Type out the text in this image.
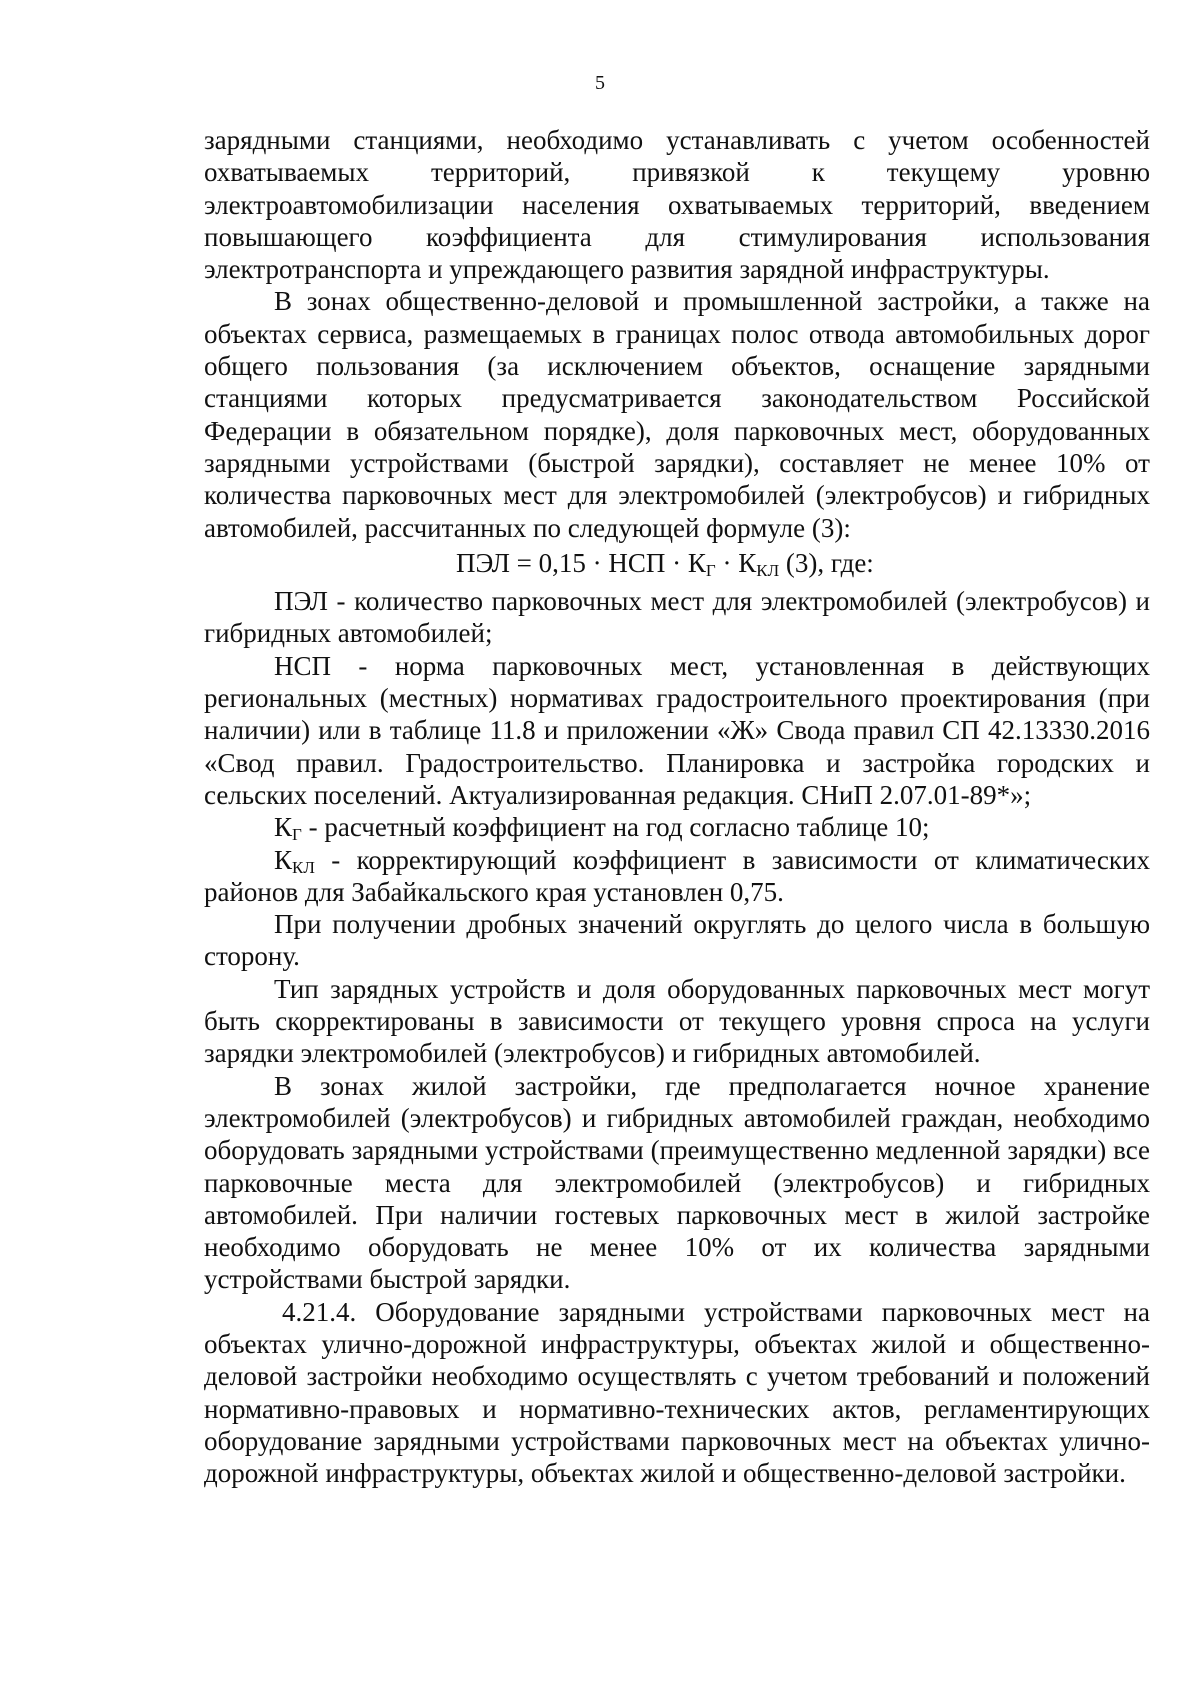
5

зарядными станциями, необходимо устанавливать с учетом особенностей охватываемых территорий, привязкой к текущему уровню электроавтомобилизации населения охватываемых территорий, введением повышающего коэффициента для стимулирования использования электротранспорта и упреждающего развития зарядной инфраструктуры.

В зонах общественно-деловой и промышленной застройки, а также на объектах сервиса, размещаемых в границах полос отвода автомобильных дорог общего пользования (за исключением объектов, оснащение зарядными станциями которых предусматривается законодательством Российской Федерации в обязательном порядке), доля парковочных мест, оборудованных зарядными устройствами (быстрой зарядки), составляет не менее 10% от количества парковочных мест для электромобилей (электробусов) и гибридных автомобилей, рассчитанных по следующей формуле (3):

ПЭЛ = 0,15 · НСП · $К_Г \cdot К_{КЛ}$ (3), где:

ПЭЛ - количество парковочных мест для электромобилей (электробусов) и гибридных автомобилей;

НСП - норма парковочных мест, установленная в действующих региональных (местных) нормативах градостроительного проектирования (при наличии) или в таблице 11.8 и приложении «Ж» Свода правил СП 42.13330.2016 «Свод правил. Градостроительство. Планировка и застройка городских и сельских поселений. Актуализированная редакция. СНиП 2.07.01-89*»;

$К_Г$ - расчетный коэффициент на год согласно таблице 10;

$К_{КЛ}$ - корректирующий коэффициент в зависимости от климатических районов для Забайкальского края установлен 0,75.

При получении дробных значений округлять до целого числа в большую сторону.

Тип зарядных устройств и доля оборудованных парковочных мест могут быть скорректированы в зависимости от текущего уровня спроса на услуги зарядки электромобилей (электробусов) и гибридных автомобилей.

В зонах жилой застройки, где предполагается ночное хранение электромобилей (электробусов) и гибридных автомобилей граждан, необходимо оборудовать зарядными устройствами (преимущественно медленной зарядки) все парковочные места для электромобилей (электробусов) и гибридных автомобилей. При наличии гостевых парковочных мест в жилой застройке необходимо оборудовать не менее 10% от их количества зарядными устройствами быстрой зарядки.

4.21.4. Оборудование зарядными устройствами парковочных мест на объектах улично-дорожной инфраструктуры, объектах жилой и общественно-деловой застройки необходимо осуществлять с учетом требований и положений нормативно-правовых и нормативно-технических актов, регламентирующих оборудование зарядными устройствами парковочных мест на объектах улично-дорожной инфраструктуры, объектах жилой и общественно-деловой застройки.
